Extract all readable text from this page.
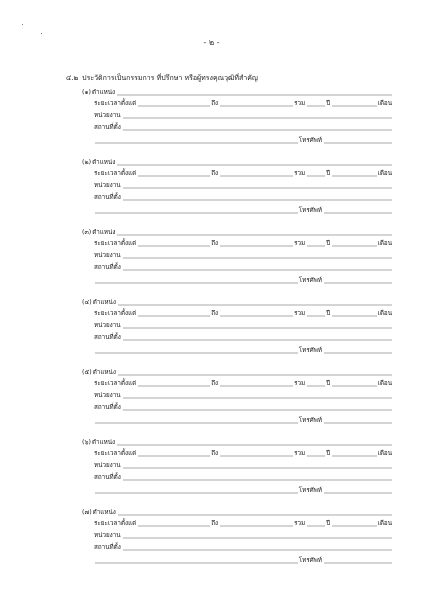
- ๒ -
๔.๒ ประวัติการเป็นกรรมการ ที่ปรึกษา หรือผู้ทรงคุณวุฒิที่สำคัญ
(๑) ตำแหน่ง
ระยะเวลาตั้งแต่	ถึง	รวม	ปี	เดือน
หน่วยงาน
สถานที่ตั้ง
โทรศัพท์
(๒) ตำแหน่ง
ระยะเวลาตั้งแต่	ถึง	รวม	ปี	เดือน
หน่วยงาน
สถานที่ตั้ง
โทรศัพท์
(๓) ตำแหน่ง
ระยะเวลาตั้งแต่	ถึง	รวม	ปี	เดือน
หน่วยงาน
สถานที่ตั้ง
โทรศัพท์
(๔) ตำแหน่ง
ระยะเวลาตั้งแต่	ถึง	รวม	ปี	เดือน
หน่วยงาน
สถานที่ตั้ง
โทรศัพท์
(๕) ตำแหน่ง
ระยะเวลาตั้งแต่	ถึง	รวม	ปี	เดือน
หน่วยงาน
สถานที่ตั้ง
โทรศัพท์
(๖) ตำแหน่ง
ระยะเวลาตั้งแต่	ถึง	รวม	ปี	เดือน
หน่วยงาน
สถานที่ตั้ง
โทรศัพท์
(๗) ตำแหน่ง
ระยะเวลาตั้งแต่	ถึง	รวม	ปี	เดือน
หน่วยงาน
สถานที่ตั้ง
โทรศัพท์
